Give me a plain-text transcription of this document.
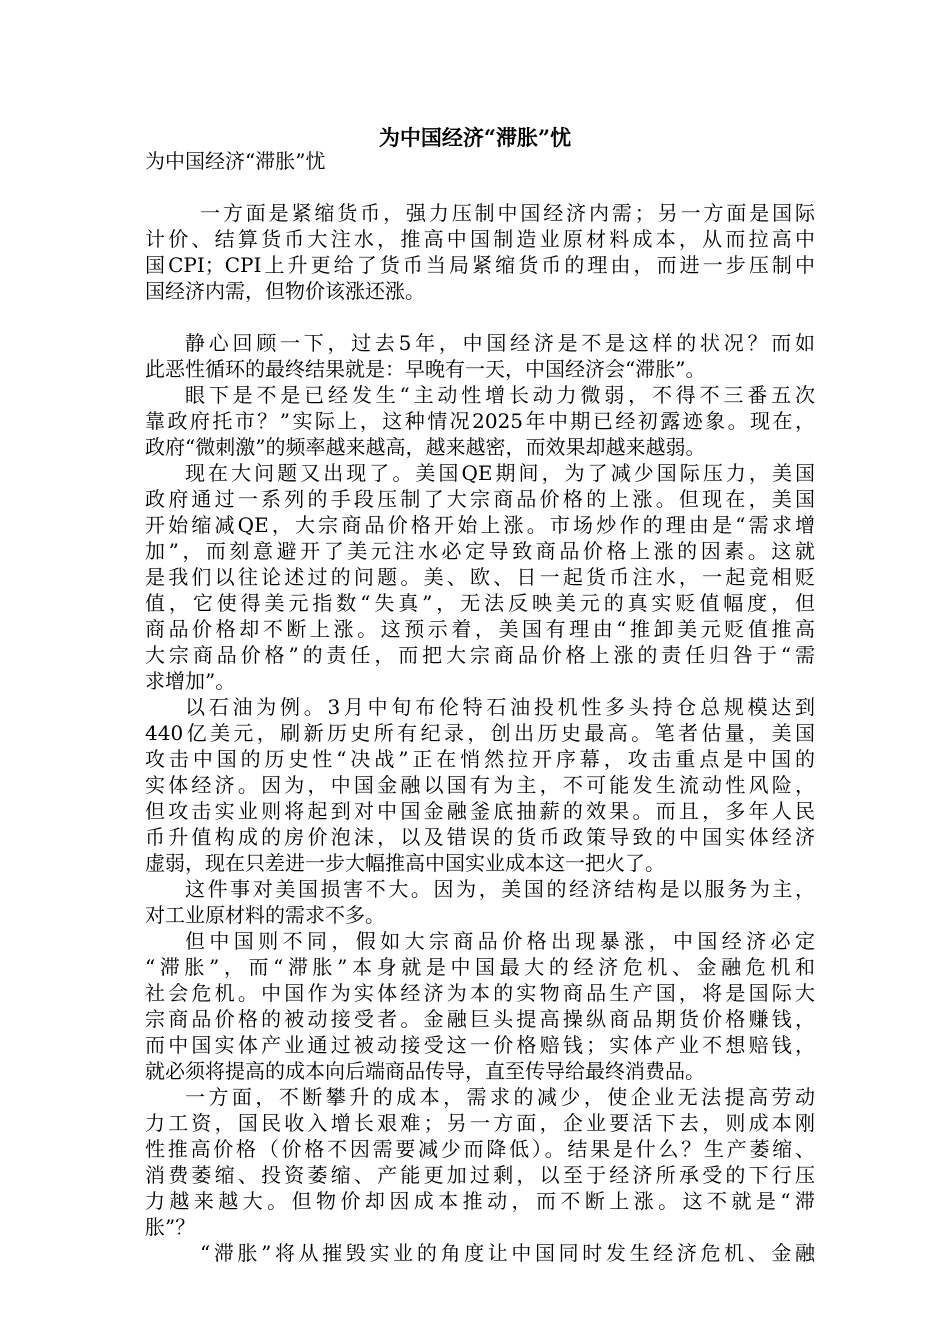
为中国经济“滞胀”忧
为中国经济“滞胀”忧
一方面是紧缩货币，强力压制中国经济内需；另一方面是国际
计价、结算货币大注水，推高中国制造业原材料成本，从而拉高中
国CPI；CPI上升更给了货币当局紧缩货币的理由，而进一步压制中
国经济内需，但物价该涨还涨。
静心回顾一下，过去5年，中国经济是不是这样的状况？而如
此恶性循环的最终结果就是：早晚有一天，中国经济会“滞胀”。
眼下是不是已经发生“主动性增长动力微弱，不得不三番五次
靠政府托市？”实际上，这种情况2025年中期已经初露迹象。现在，
政府“微刺激”的频率越来越高，越来越密，而效果却越来越弱。
现在大问题又出现了。美国QE期间，为了减少国际压力，美国
政府通过一系列的手段压制了大宗商品价格的上涨。但现在，美国
开始缩减QE，大宗商品价格开始上涨。市场炒作的理由是“需求增
加”，而刻意避开了美元注水必定导致商品价格上涨的因素。这就
是我们以往论述过的问题。美、欧、日一起货币注水，一起竞相贬
值，它使得美元指数“失真”，无法反映美元的真实贬值幅度，但
商品价格却不断上涨。这预示着，美国有理由“推卸美元贬值推高
大宗商品价格”的责任，而把大宗商品价格上涨的责任归咎于“需
求增加”。
以石油为例。3月中旬布伦特石油投机性多头持仓总规模达到
440亿美元，刷新历史所有纪录，创出历史最高。笔者估量，美国
攻击中国的历史性“决战”正在悄然拉开序幕，攻击重点是中国的
实体经济。因为，中国金融以国有为主，不可能发生流动性风险，
但攻击实业则将起到对中国金融釜底抽薪的效果。而且，多年人民
币升值构成的房价泡沫，以及错误的货币政策导致的中国实体经济
虚弱，现在只差进一步大幅推高中国实业成本这一把火了。
这件事对美国损害不大。因为，美国的经济结构是以服务为主，
对工业原材料的需求不多。
但中国则不同，假如大宗商品价格出现暴涨，中国经济必定
“滞胀”，而“滞胀”本身就是中国最大的经济危机、金融危机和
社会危机。中国作为实体经济为本的实物商品生产国，将是国际大
宗商品价格的被动接受者。金融巨头提高操纵商品期货价格赚钱，
而中国实体产业通过被动接受这一价格赔钱；实体产业不想赔钱，
就必须将提高的成本向后端商品传导，直至传导给最终消费品。
一方面，不断攀升的成本，需求的减少，使企业无法提高劳动
力工资，国民收入增长艰难；另一方面，企业要活下去，则成本刚
性推高价格（价格不因需要减少而降低）。结果是什么？生产萎缩、
消费萎缩、投资萎缩、产能更加过剩，以至于经济所承受的下行压
力越来越大。但物价却因成本推动，而不断上涨。这不就是“滞
胀”？
“滞胀”将从摧毁实业的角度让中国同时发生经济危机、金融
